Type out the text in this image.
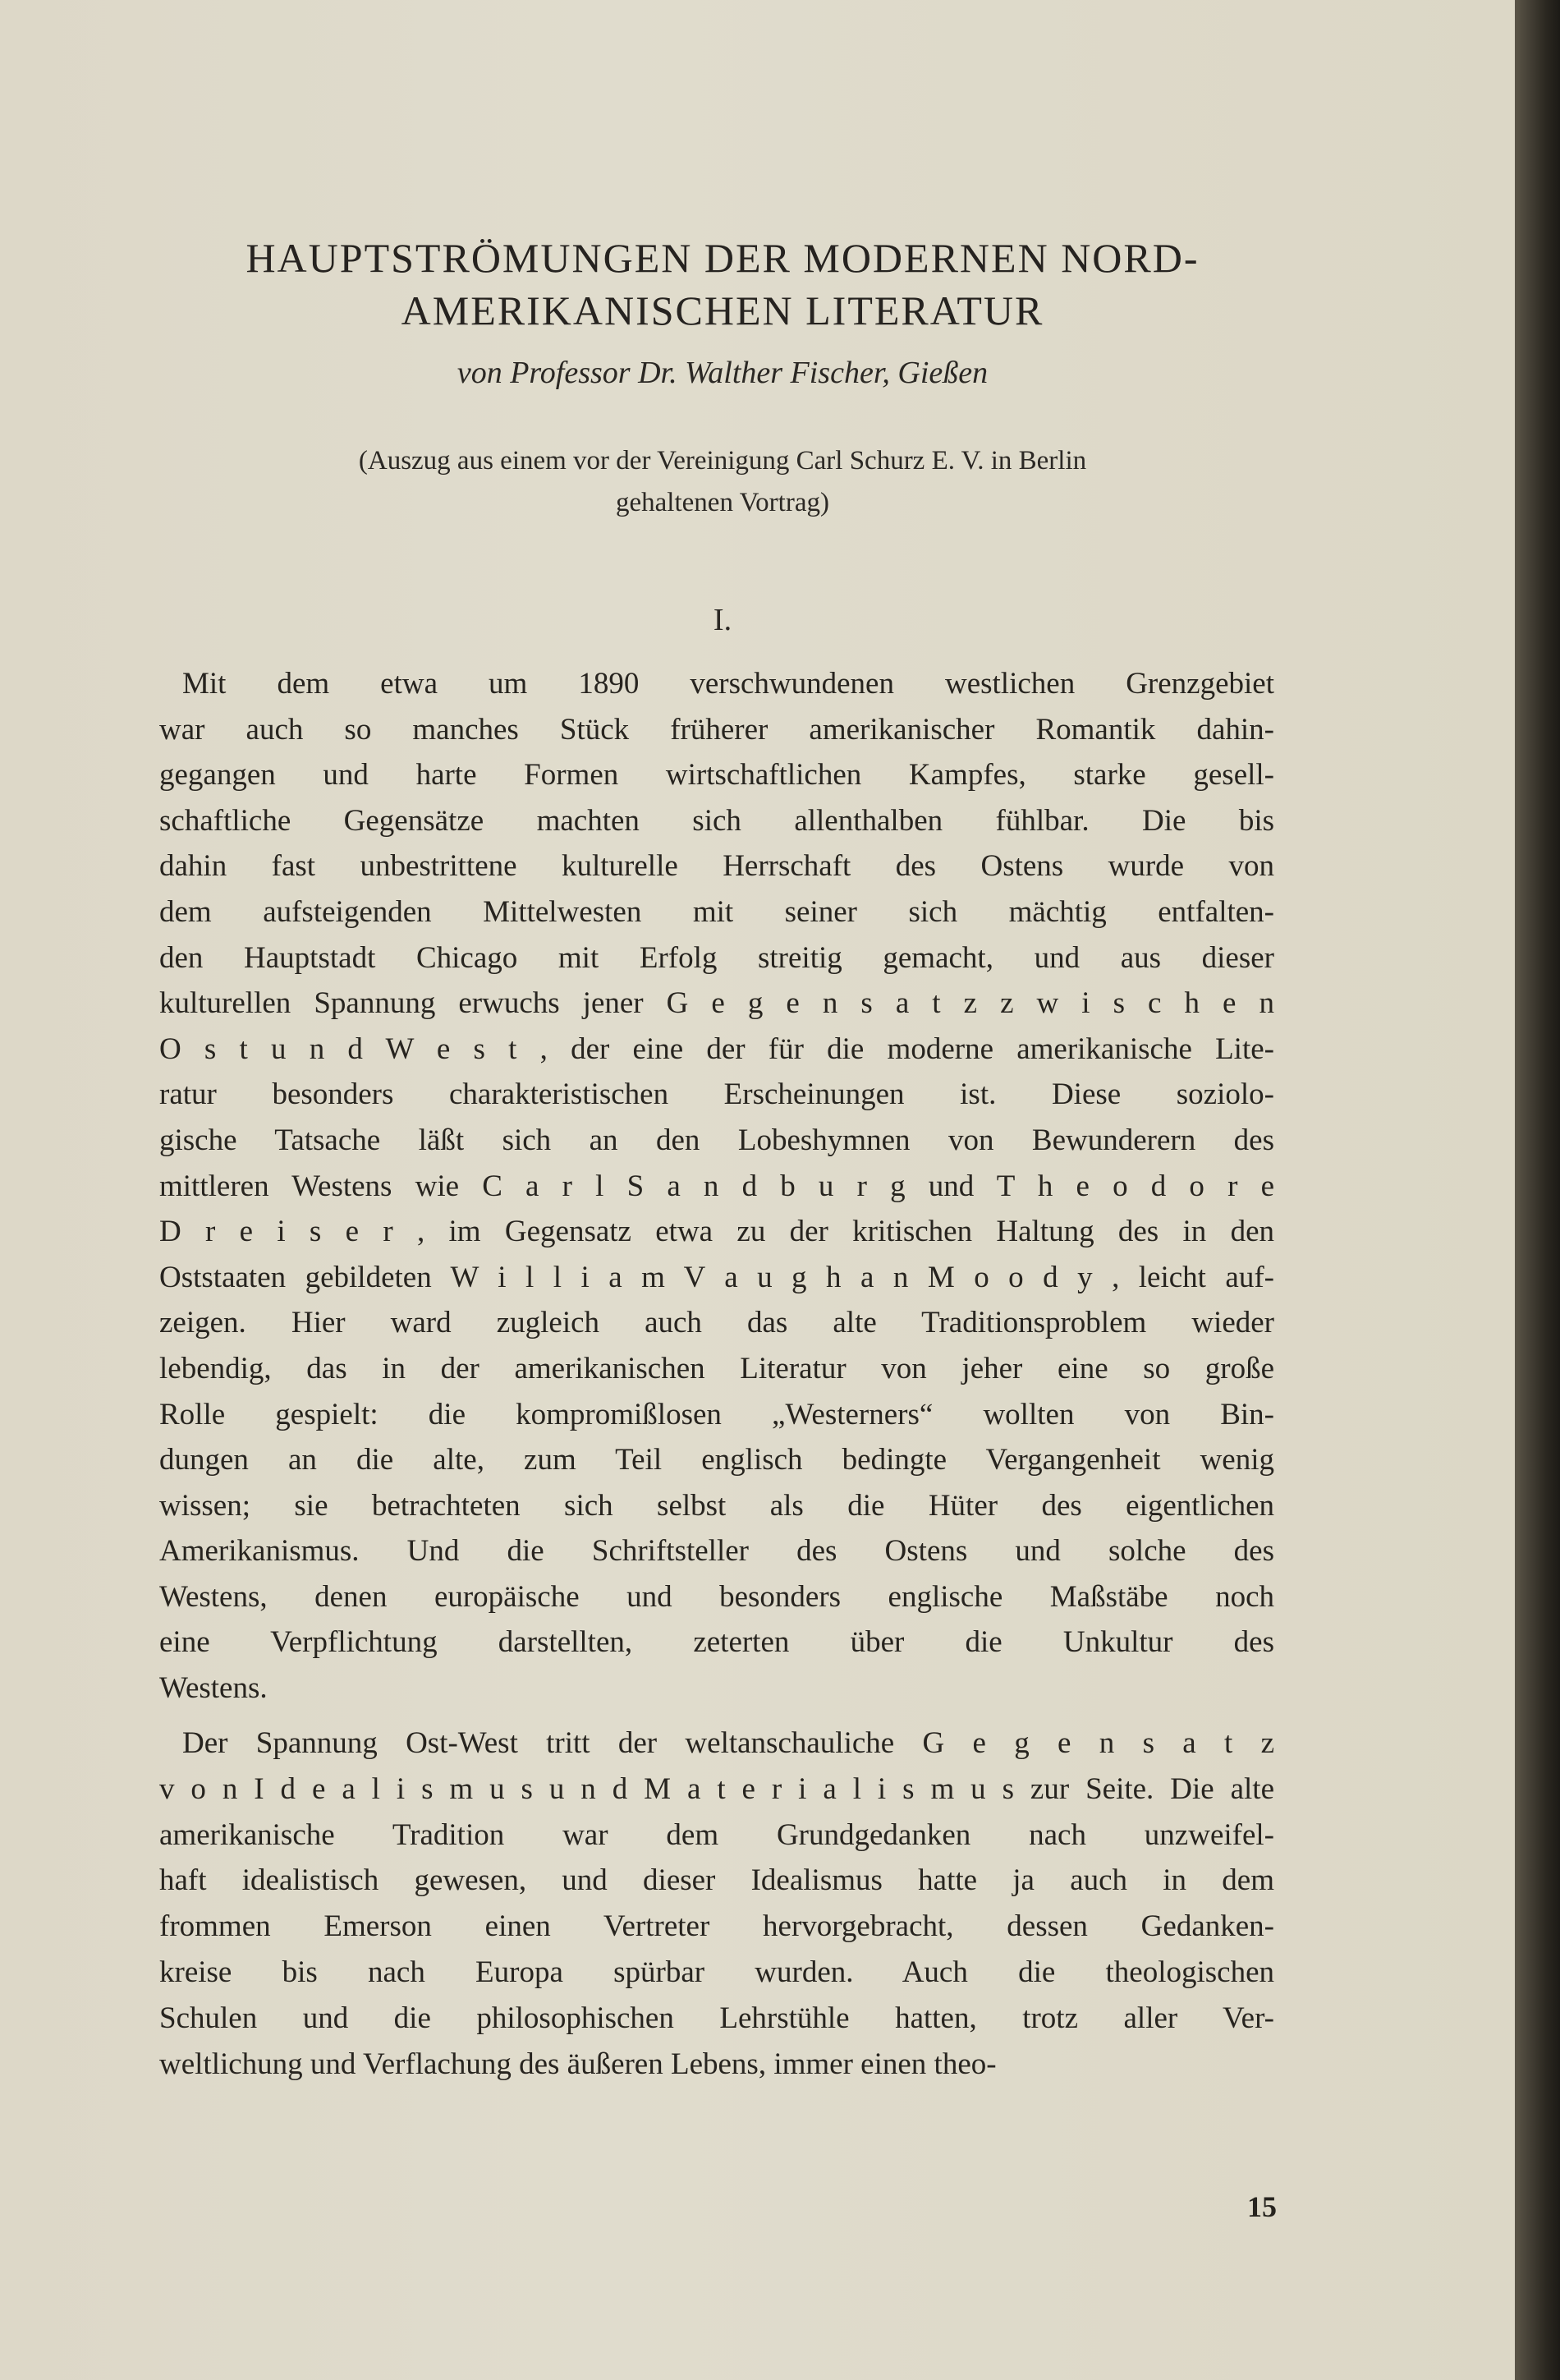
HAUPTSTRÖMUNGEN DER MODERNEN NORD-
AMERIKANISCHEN LITERATUR

von Professor Dr. Walther Fischer, Gießen

(Auszug aus einem vor der Vereinigung Carl Schurz E. V. in Berlin
gehaltenen Vortrag)

I.

Mit dem etwa um 1890 verschwundenen westlichen Grenzgebiet
war auch so manches Stück früherer amerikanischer Romantik dahin-
gegangen und harte Formen wirtschaftlichen Kampfes, starke gesell-
schaftliche Gegensätze machten sich allenthalben fühlbar. Die bis
dahin fast unbestrittene kulturelle Herrschaft des Ostens wurde von
dem aufsteigenden Mittelwesten mit seiner sich mächtig entfalten-
den Hauptstadt Chicago mit Erfolg streitig gemacht, und aus dieser
kulturellen Spannung erwuchs jener G e g e n s a t z z w i s c h e n
O s t u n d W e s t , der eine der für die moderne amerikanische Lite-
ratur besonders charakteristischen Erscheinungen ist. Diese soziolo-
gische Tatsache läßt sich an den Lobeshymnen von Bewunderern des
mittleren Westens wie C a r l S a n d b u r g und T h e o d o r e
D r e i s e r , im Gegensatz etwa zu der kritischen Haltung des in den
Oststaaten gebildeten W i l l i a m V a u g h a n M o o d y , leicht auf-
zeigen. Hier ward zugleich auch das alte Traditionsproblem wieder
lebendig, das in der amerikanischen Literatur von jeher eine so große
Rolle gespielt: die kompromißlosen „Westerners“ wollten von Bin-
dungen an die alte, zum Teil englisch bedingte Vergangenheit wenig
wissen; sie betrachteten sich selbst als die Hüter des eigentlichen
Amerikanismus. Und die Schriftsteller des Ostens und solche des
Westens, denen europäische und besonders englische Maßstäbe noch
eine Verpflichtung darstellten, zeterten über die Unkultur des
Westens.
Der Spannung Ost-West tritt der weltanschauliche G e g e n s a t z
v o n I d e a l i s m u s u n d M a t e r i a l i s m u s zur Seite. Die alte
amerikanische Tradition war dem Grundgedanken nach unzweifel-
haft idealistisch gewesen, und dieser Idealismus hatte ja auch in dem
frommen Emerson einen Vertreter hervorgebracht, dessen Gedanken-
kreise bis nach Europa spürbar wurden. Auch die theologischen
Schulen und die philosophischen Lehrstühle hatten, trotz aller Ver-
weltlichung und Verflachung des äußeren Lebens, immer einen theo-

15
